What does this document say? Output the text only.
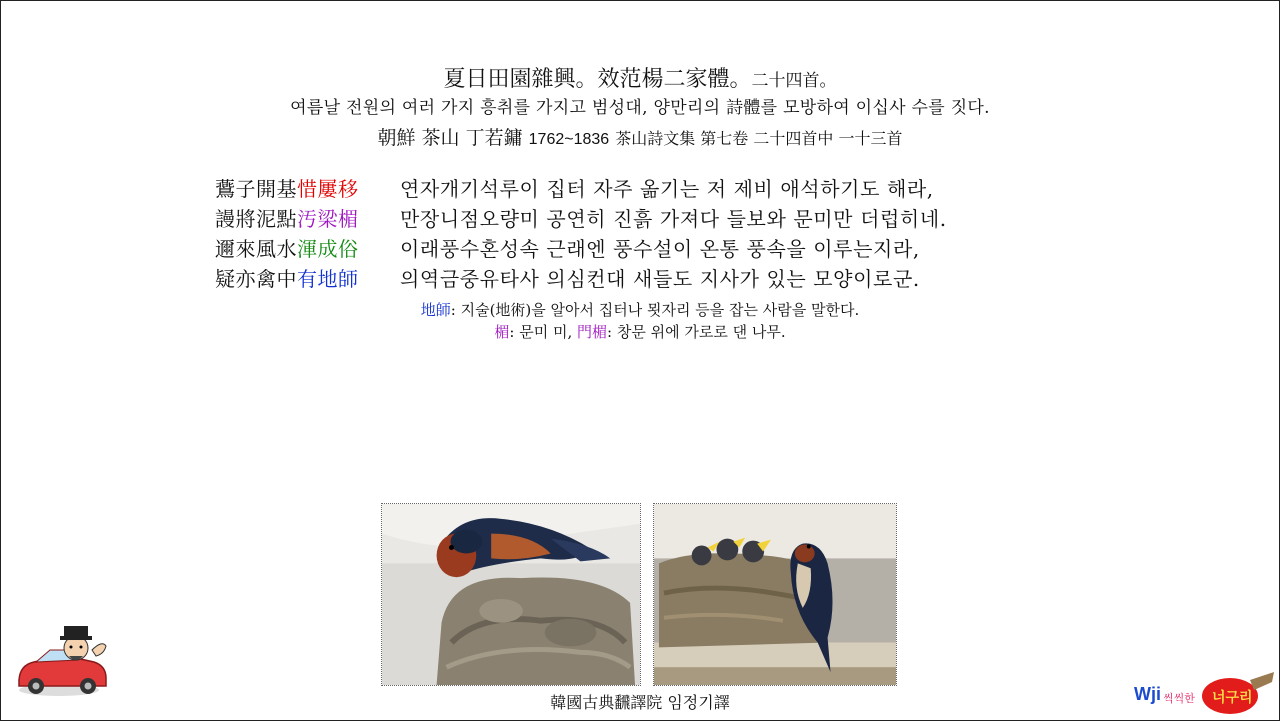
夏日田園雜興。效范楊二家體。二十四首。
여름날 전원의 여러 가지 흥취를 가지고 범성대, 양만리의 詩體를 모방하여 이십사 수를 짓다.
朝鮮 茶山 丁若鏞 1762~1836 茶山詩文集 第七卷 二十四首中 一十三首
鷰子開基惜屢移	연자개기석루이 집터 자주 옮기는 저 제비 애석하기도 해라,
謾將泥點汚梁楣	만장니점오량미 공연히 진흙 가져다 들보와 문미만 더럽히네.
邇來風水渾成俗	이래풍수혼성속 근래엔 풍수설이 온통 풍속을 이루는지라,
疑亦禽中有地師	의역금중유타사 의심컨대 새들도 지사가 있는 모양이로군.
地師: 지술(地術)을 알아서 집터나 묏자리 등을 잡는 사람을 말한다.
楣: 문미 미, 門楣: 창문 위에 가로로 댄 나무.
韓國古典飜譯院 임정기譯	Wji 씩씩한 너구리
